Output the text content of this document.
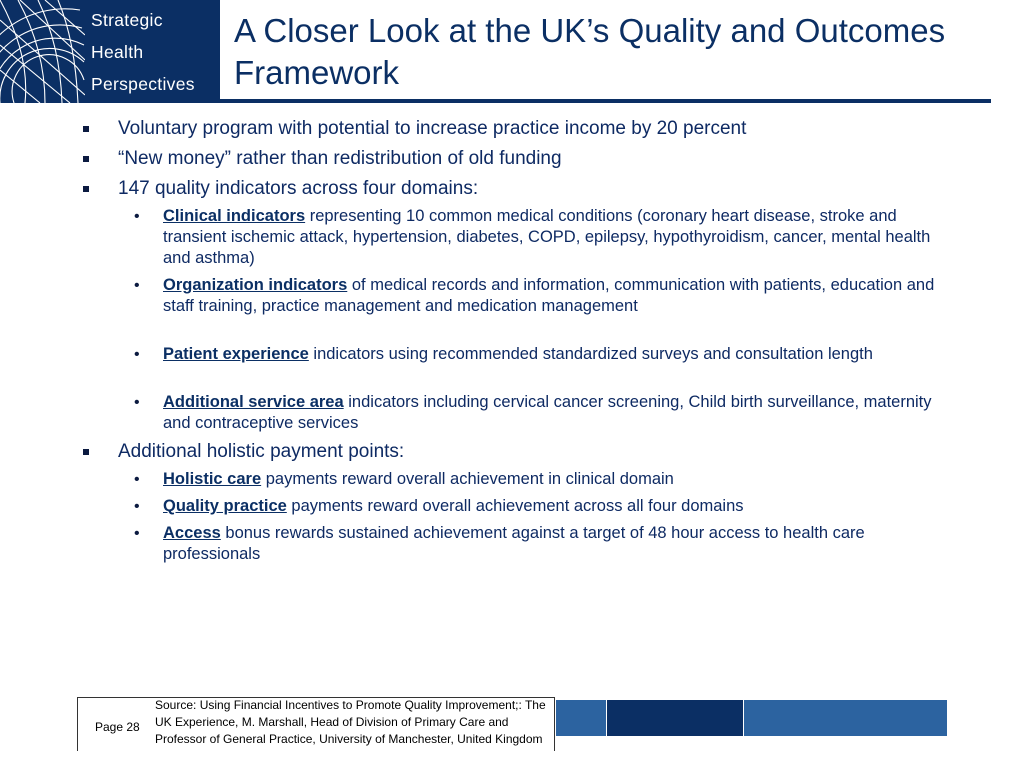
Strategic
Health
Perspectives
A Closer Look at the UK’s Quality and Outcomes Framework
Voluntary program with potential to increase practice income by 20 percent
“New money” rather than redistribution of old funding
147 quality indicators across four domains:
• Clinical indicators representing 10 common medical conditions (coronary heart disease, stroke and transient ischemic attack, hypertension, diabetes, COPD, epilepsy, hypothyroidism, cancer, mental health and asthma)
• Organization indicators of medical records and information, communication with patients, education and staff training, practice management and medication management
• Patient experience indicators using recommended standardized surveys and consultation length
• Additional service area indicators including cervical cancer screening, Child birth surveillance, maternity and contraceptive services
Additional holistic payment points:
• Holistic care payments reward overall achievement in clinical domain
• Quality practice payments reward overall achievement across all four domains
• Access bonus rewards sustained achievement against a target of 48 hour access to health care professionals
Page 28
Source: Using Financial Incentives to Promote Quality Improvement;: The UK Experience, M. Marshall, Head of Division of Primary Care and Professor of General Practice, University of Manchester, United Kingdom
